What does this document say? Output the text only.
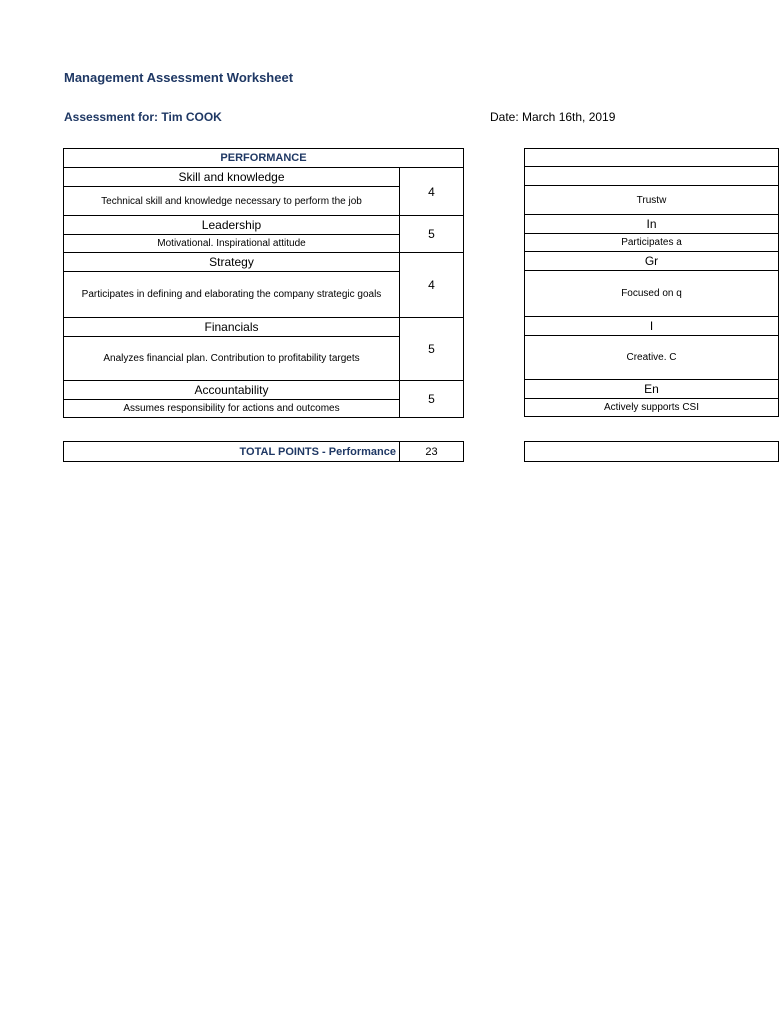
Management Assessment Worksheet
Assessment for: Tim COOK	Date: March 16th, 2019
PERFORMANCE	
Skill and knowledge	4
Technical skill and knowledge necessary to perform the job	
Leadership	5
Motivational. Inspirational attitude	
Strategy	4
Participates in defining and elaborating the company strategic goals	
Financials	5
Analyzes financial plan. Contribution to profitability targets	
Accountability	5
Assumes responsibility for actions and outcomes	
TOTAL POINTS - Performance	23

Trustw
In
Participates a
Gr
Focused on q
I
Creative. C
En
Actively supports CSI
